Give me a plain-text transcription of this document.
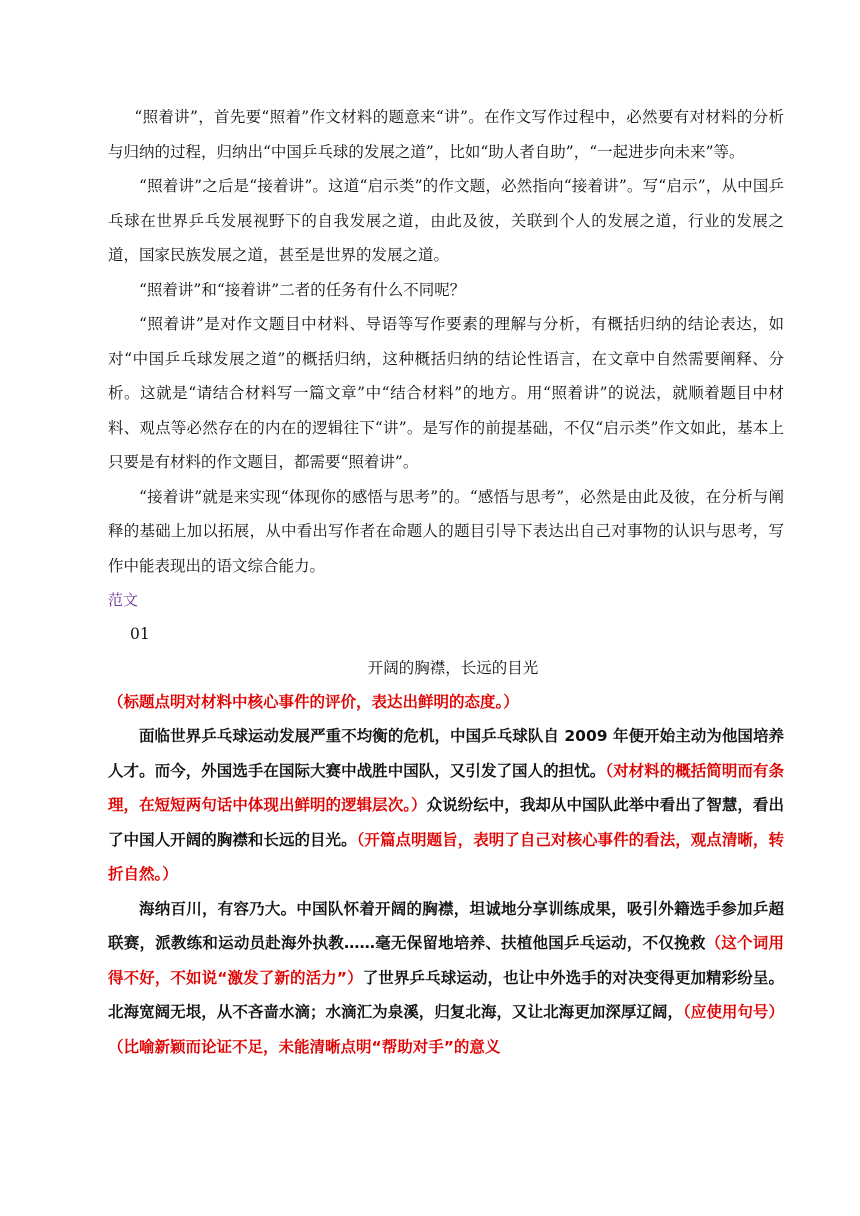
“照着讲”，首先要“照着”作文材料的题意来“讲”。在作文写作过程中，必然要有对材料的分析与归纳的过程，归纳出“中国乒乓球的发展之道”，比如“助人者自助”，“一起进步向未来”等。

“照着讲”之后是“接着讲”。这道“启示类”的作文题，必然指向“接着讲”。写“启示”，从中国乒乓球在世界乒乓发展视野下的自我发展之道，由此及彼，关联到个人的发展之道，行业的发展之道，国家民族发展之道，甚至是世界的发展之道。

“照着讲”和“接着讲”二者的任务有什么不同呢？

“照着讲”是对作文题目中材料、导语等写作要素的理解与分析，有概括归纳的结论表达，如对“中国乒乓球发展之道”的概括归纳，这种概括归纳的结论性语言，在文章中自然需要阐释、分析。这就是“请结合材料写一篇文章”中“结合材料”的地方。用“照着讲”的说法，就顺着题目中材料、观点等必然存在的内在的逻辑往下“讲”。是写作的前提基础，不仅“启示类”作文如此，基本上只要是有材料的作文题目，都需要“照着讲”。

“接着讲”就是来实现“体现你的感悟与思考”的。“感悟与思考”，必然是由此及彼，在分析与阐释的基础上加以拓展，从中看出写作者在命题人的题目引导下表达出自己对事物的认识与思考，写作中能表现出的语文综合能力。

范文

01

开阔的胸襟，长远的目光

（标题点明对材料中核心事件的评价，表达出鲜明的态度。）

面临世界乒乓球运动发展严重不均衡的危机，中国乒乓球队自 2009 年便开始主动为他国培养人才。而今，外国选手在国际大赛中战胜中国队，又引发了国人的担忧。（对材料的概括简明而有条理，在短短两句话中体现出鲜明的逻辑层次。）众说纷纭中，我却从中国队此举中看出了智慧，看出了中国人开阔的胸襟和长远的目光。（开篇点明题旨，表明了自己对核心事件的看法，观点清晰，转折自然。）

海纳百川，有容乃大。中国队怀着开阔的胸襟，坦诚地分享训练成果，吸引外籍选手参加乒超联赛，派教练和运动员赴海外执教……毫无保留地培养、扶植他国乒乓运动，不仅挽救（这个词用得不好，不如说“激发了新的活力”）了世界乒乓球运动，也让中外选手的对决变得更加精彩纷呈。北海宽阔无垠，从不吝啬水滴；水滴汇为泉溪，归复北海，又让北海更加深厚辽阔，（应使用句号）（比喻新颖而论证不足，未能清晰点明“帮助对手”的意义
